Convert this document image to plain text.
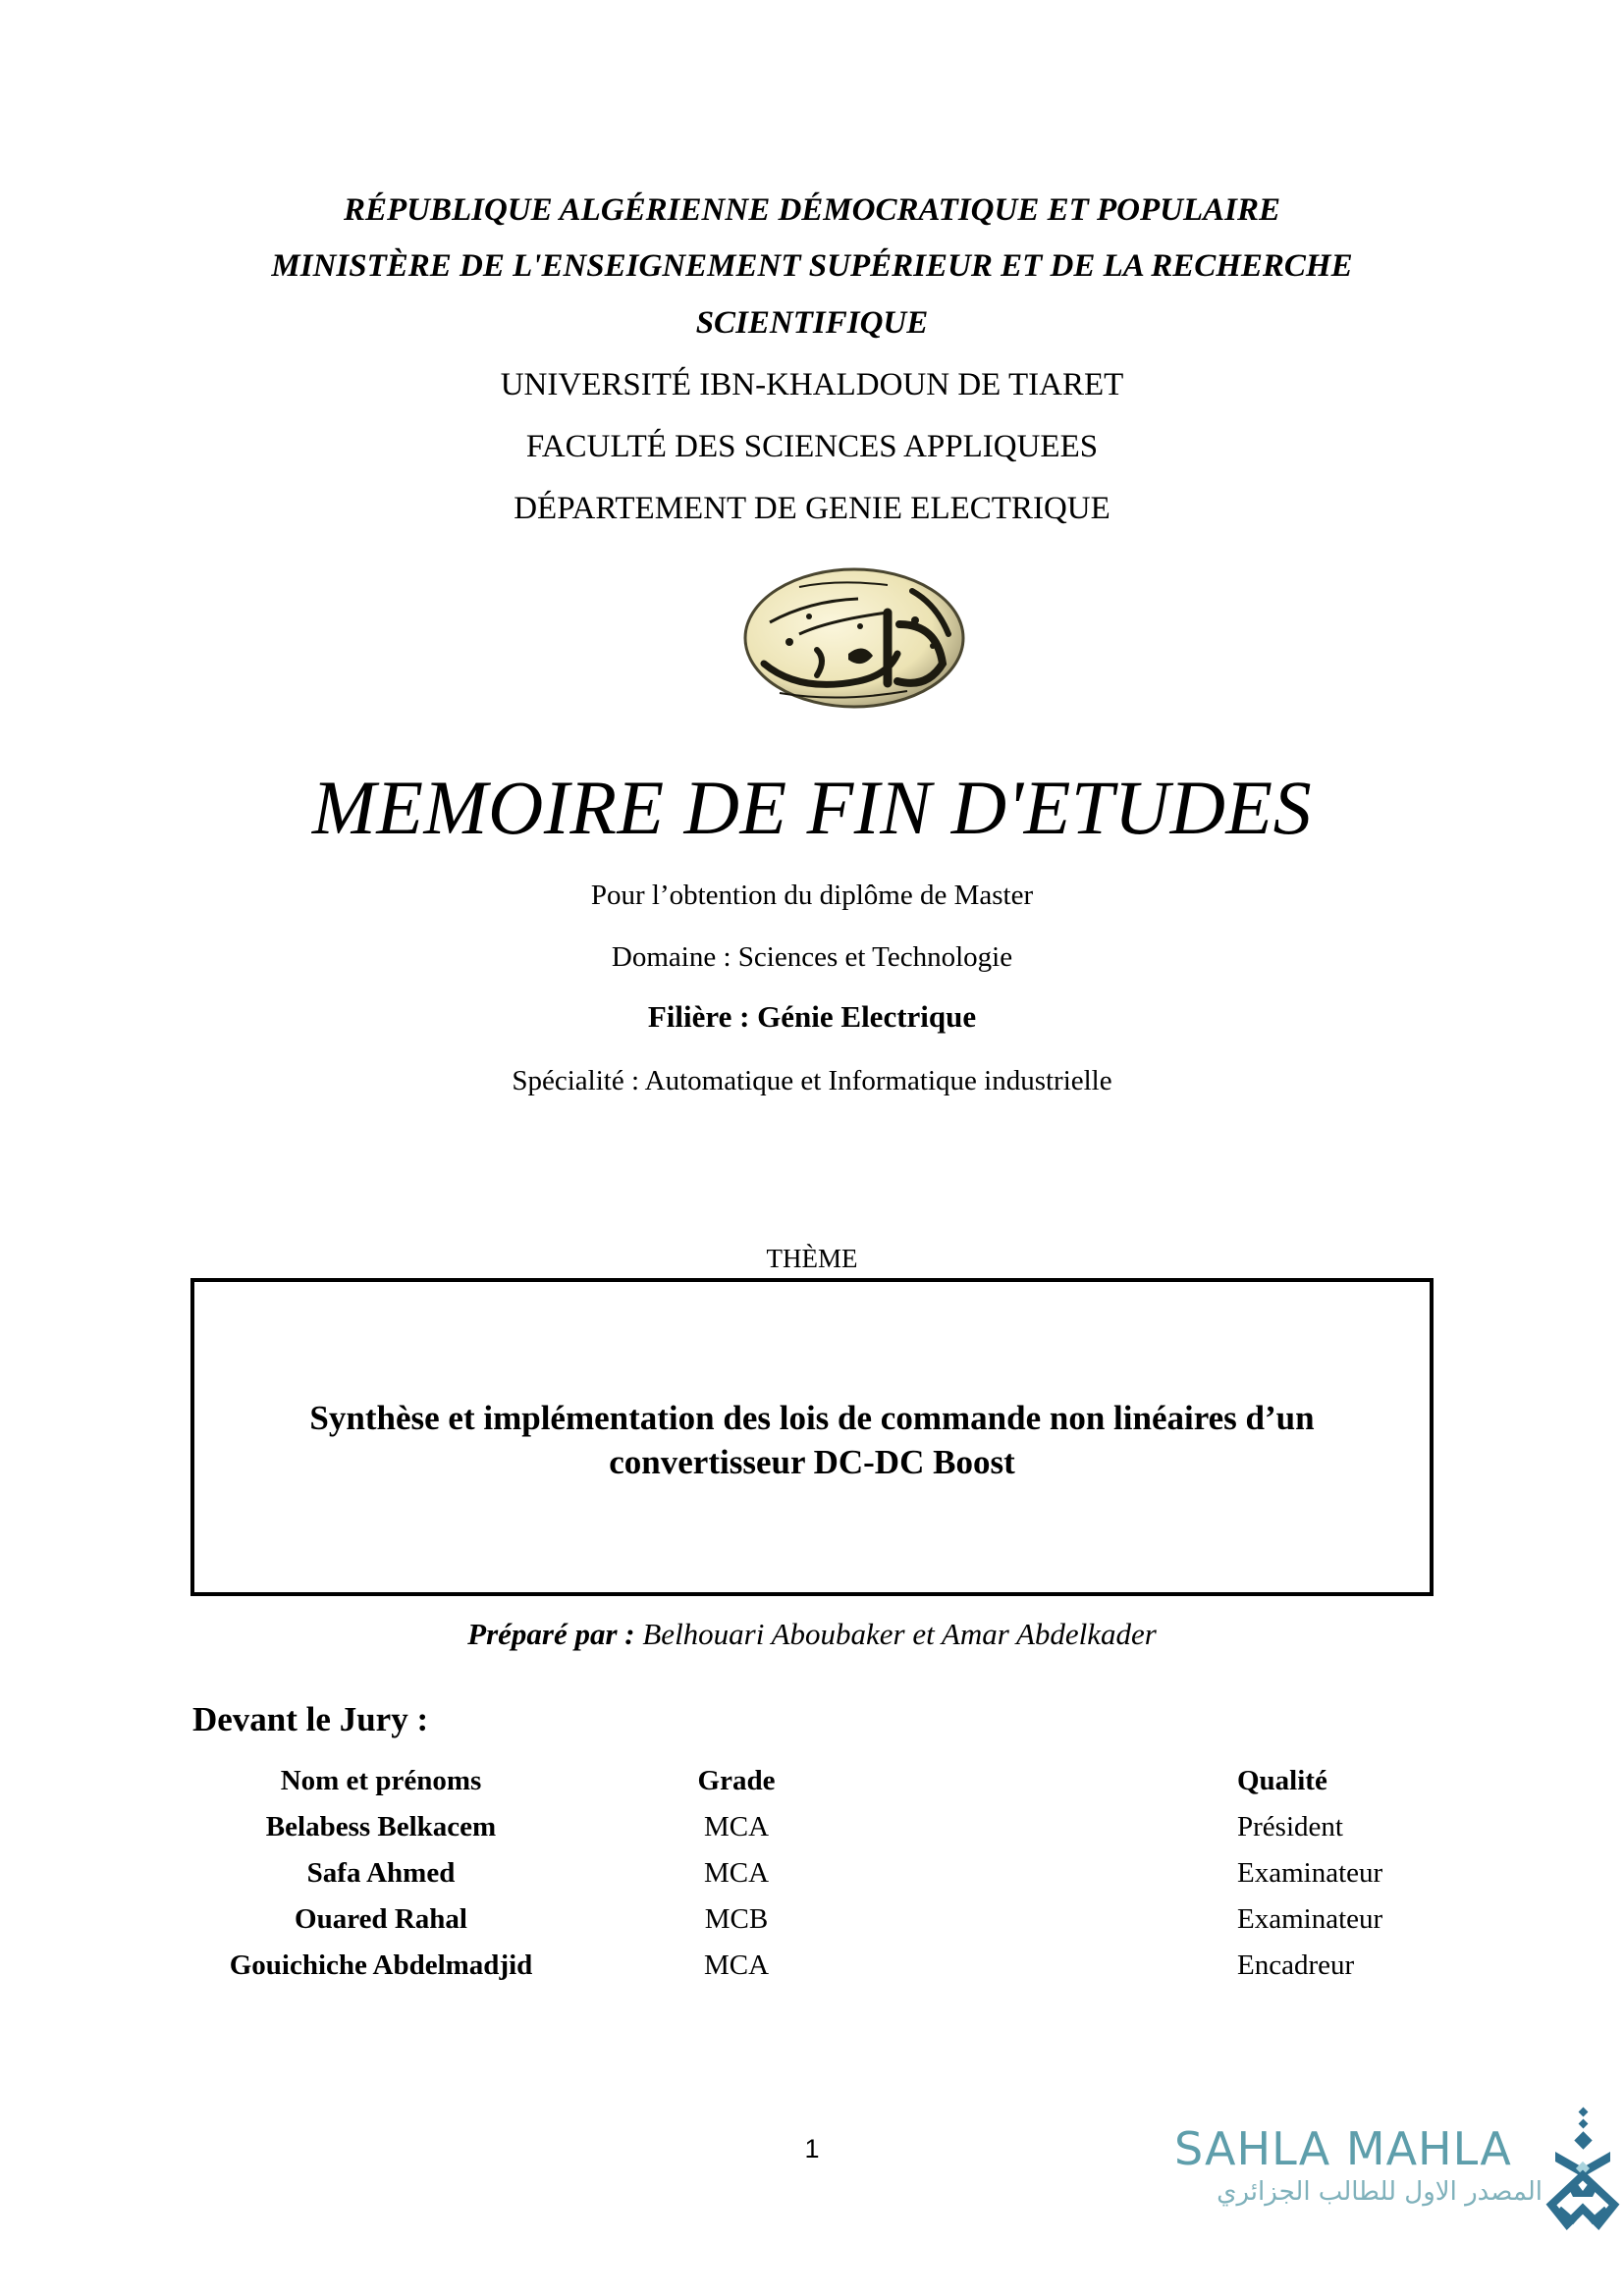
RÉPUBLIQUE ALGÉRIENNE DÉMOCRATIQUE ET POPULAIRE
MINISTÈRE DE L'ENSEIGNEMENT SUPÉRIEUR ET DE LA RECHERCHE
SCIENTIFIQUE
UNIVERSITÉ IBN-KHALDOUN DE TIARET
FACULTÉ DES SCIENCES APPLIQUEES
DÉPARTEMENT DE GENIE ELECTRIQUE
MEMOIRE DE FIN D'ETUDES
Pour l’obtention du diplôme de Master
Domaine : Sciences et Technologie
Filière : Génie Electrique
Spécialité : Automatique et Informatique industrielle
THÈME
Synthèse et implémentation des lois de commande non linéaires d’un
convertisseur DC-DC Boost
Préparé par : Belhouari Aboubaker et Amar Abdelkader
Devant le Jury :
Nom et prénoms	Grade	Qualité
Belabess Belkacem	MCA	Président
Safa Ahmed	MCA	Examinateur
Ouared Rahal	MCB	Examinateur
Gouichiche Abdelmadjid	MCA	Encadreur
1	SAHLA MAHLA
المصدر الاول للطالب الجزائري
